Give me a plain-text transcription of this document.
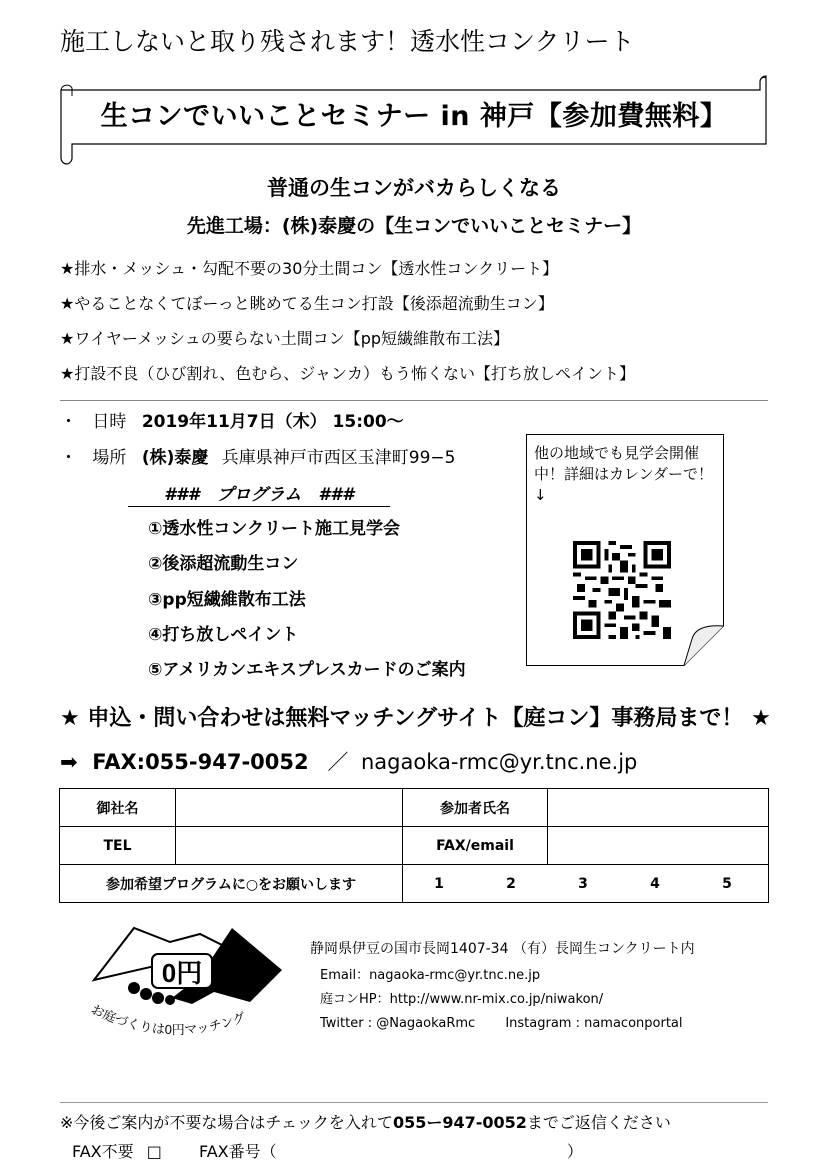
施工しないと取り残されます！透水性コンクリート
生コンでいいことセミナー in 神戸【参加費無料】
普通の生コンがバカらしくなる
先進工場：(株)泰慶の【生コンでいいことセミナー】
★排水・メッシュ・勾配不要の30分土間コン【透水性コンクリート】
★やることなくてぼーっと眺めてる生コン打設【後添超流動生コン】
★ワイヤーメッシュの要らない土間コン【pp短繊維散布工法】
★打設不良（ひび割れ、色むら、ジャンカ）もう怖くない【打ち放しペイント】
・ 日時 2019年11月7日（木） 15:00〜
・ 場所 (株)泰慶 兵庫県神戸市西区玉津町99−5
###　プログラム　###
①透水性コンクリート施工見学会
②後添超流動生コン
③pp短繊維散布工法
④打ち放しペイント
⑤アメリカンエキスプレスカードのご案内
他の地域でも見学会開催中！詳細はカレンダーで！↓
★ 申込・問い合わせは無料マッチングサイト【庭コン】事務局まで！ ★
➡ FAX:055-947-0052 ／ nagaoka-rmc@yr.tnc.ne.jp
御社名		参加者氏名	
TEL		FAX/email	
参加希望プログラムに○をお願いします		1 2 3 4 5	
0円
お庭づくりは0円マッチング
静岡県伊豆の国市長岡1407-34 （有）長岡生コンクリート内
Email：nagaoka-rmc@yr.tnc.ne.jp
庭コンHP：http://www.nr-mix.co.jp/niwakon/
Twitter : @NagaokaRmc 　　Instagram : namaconportal
※今後ご案内が不要な場合はチェックを入れて055ー947-0052までご返信ください
FAX不要 □ FAX番号（	）
